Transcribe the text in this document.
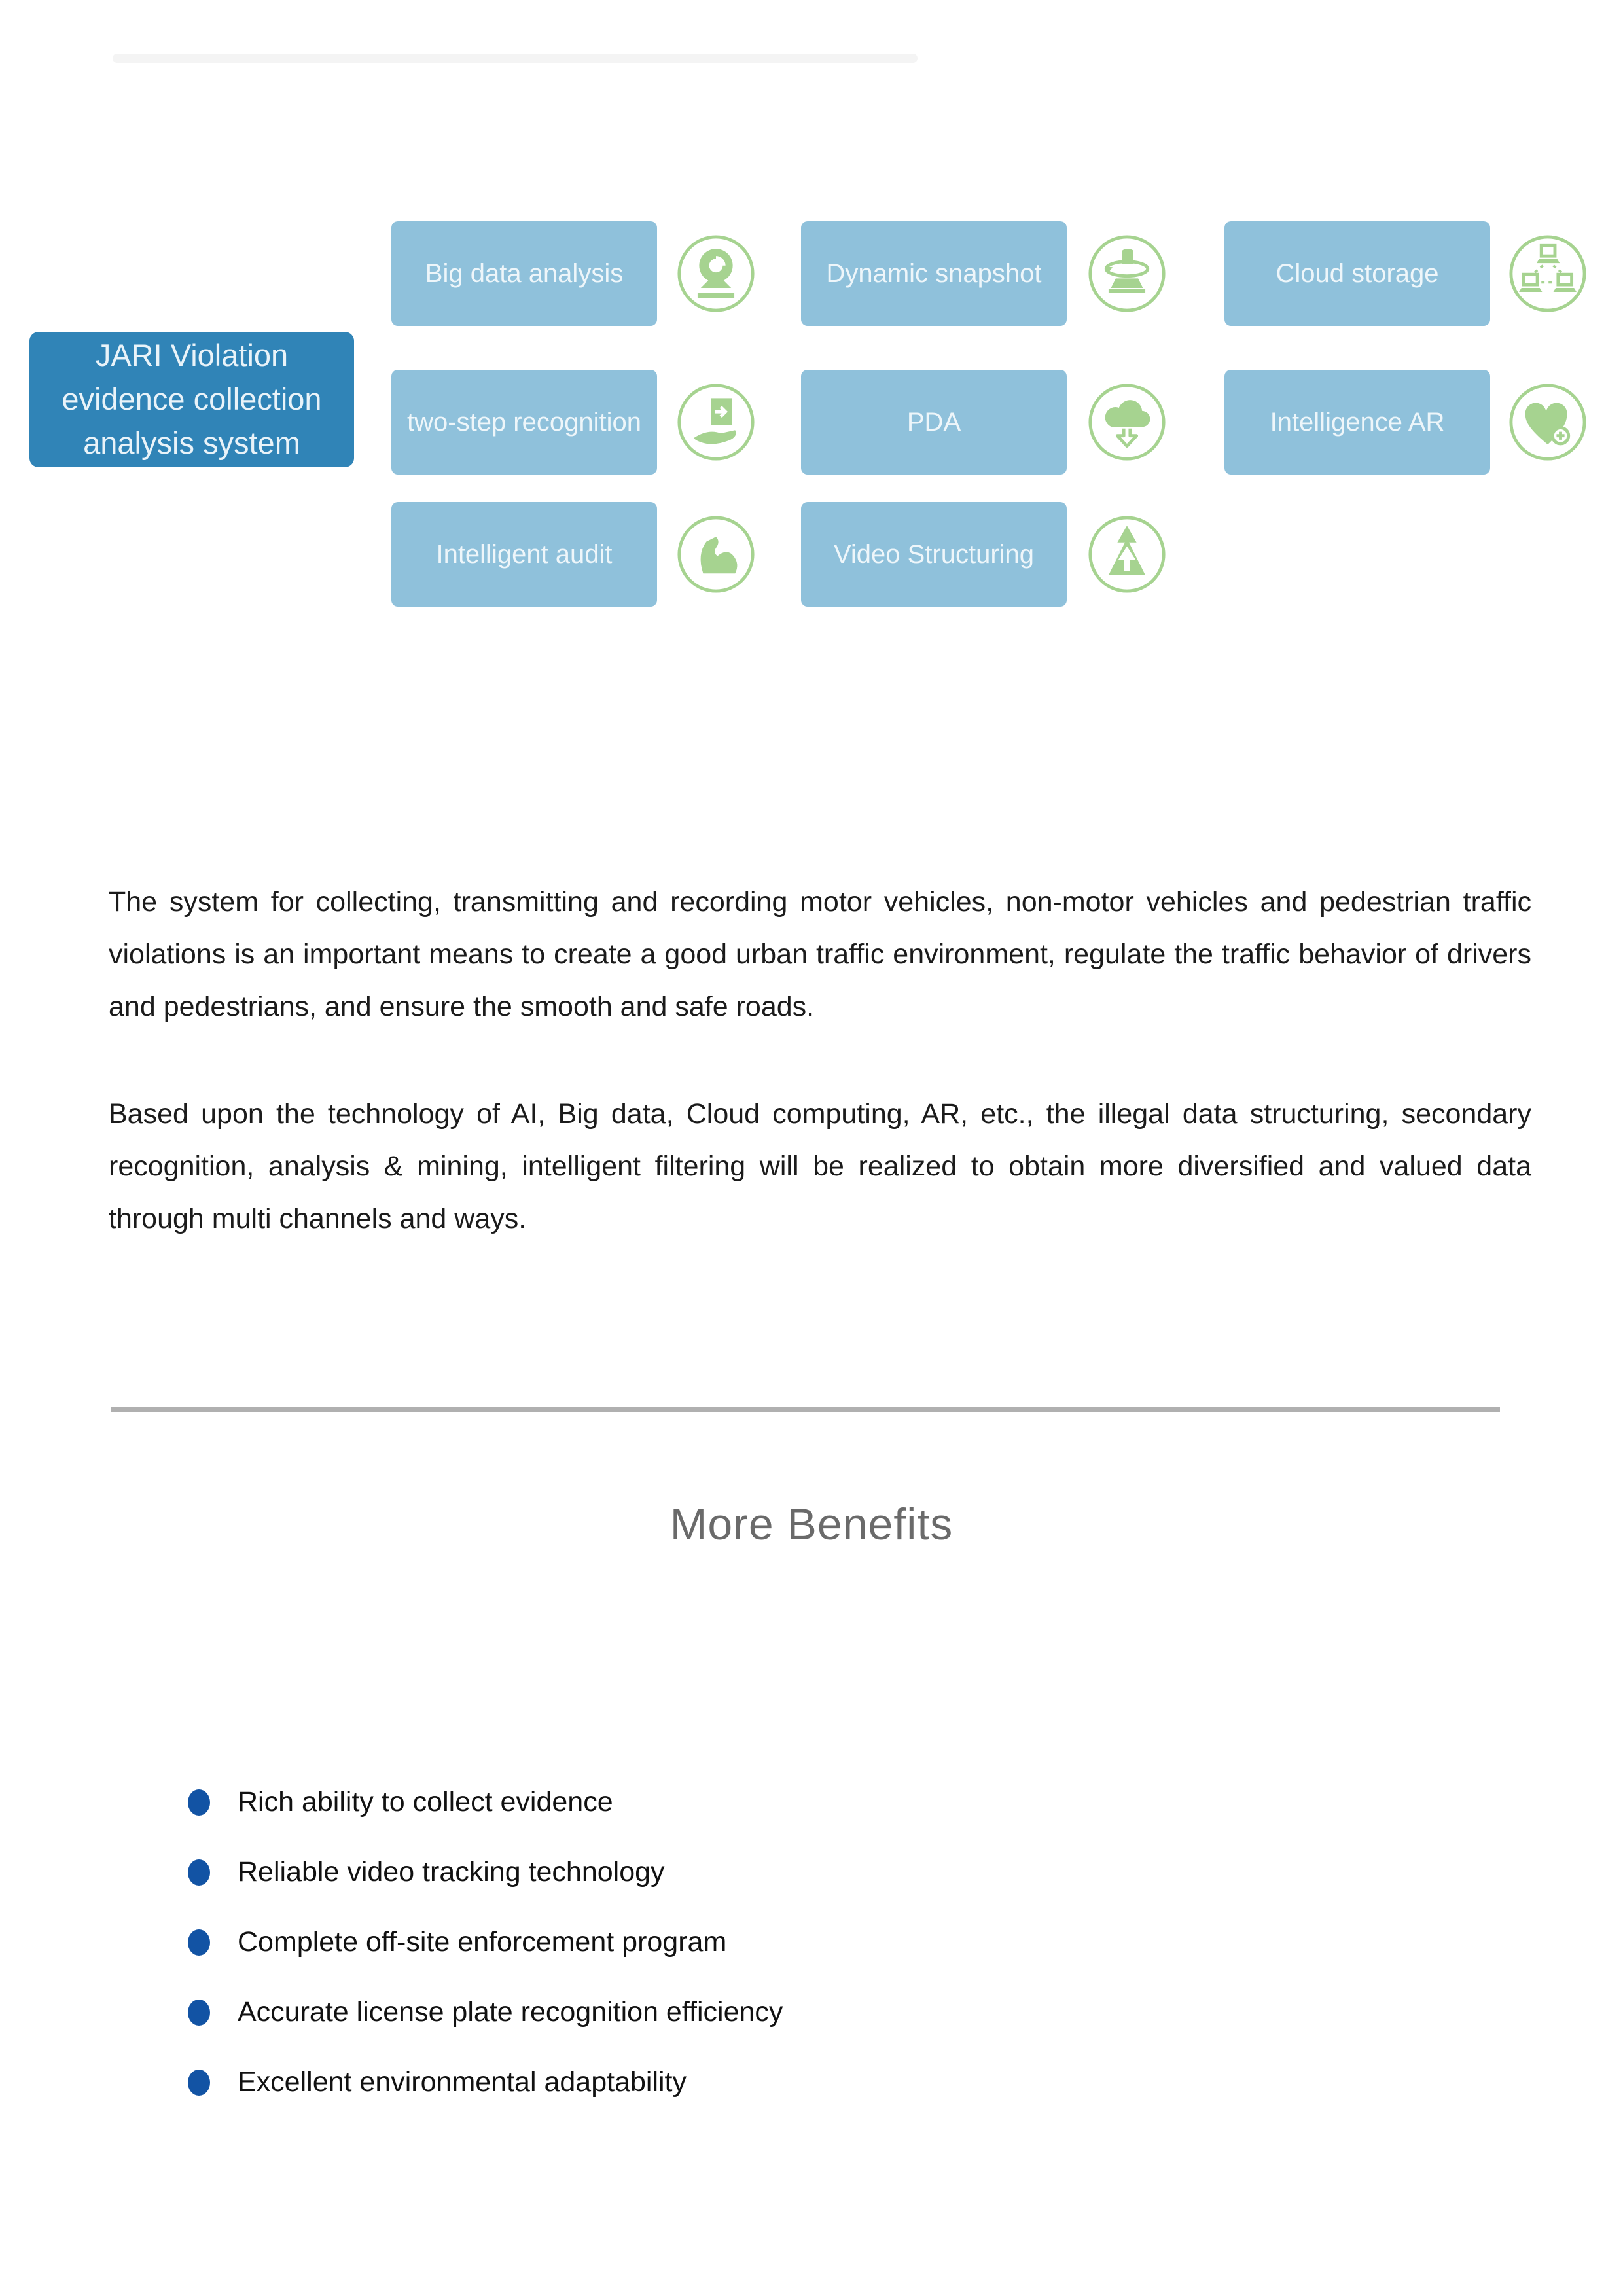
JARI Violation evidence collection analysis system
Big data analysis
two-step recognition
Intelligent audit
Dynamic snapshot
PDA
Video Structuring
Cloud storage
Intelligence AR

The system for collecting, transmitting and recording motor vehicles, non-motor vehicles and pedestrian traffic violations is an important means to create a good urban traffic environment, regulate the traffic behavior of drivers and pedestrians, and ensure the smooth and safe roads.

Based upon the technology of AI, Big data, Cloud computing, AR, etc., the illegal data structuring, secondary recognition, analysis & mining, intelligent filtering will be realized to obtain more diversified and valued data through multi channels and ways.

More Benefits
Rich ability to collect evidence
Reliable video tracking technology
Complete off-site enforcement program
Accurate license plate recognition efficiency
Excellent environmental adaptability
